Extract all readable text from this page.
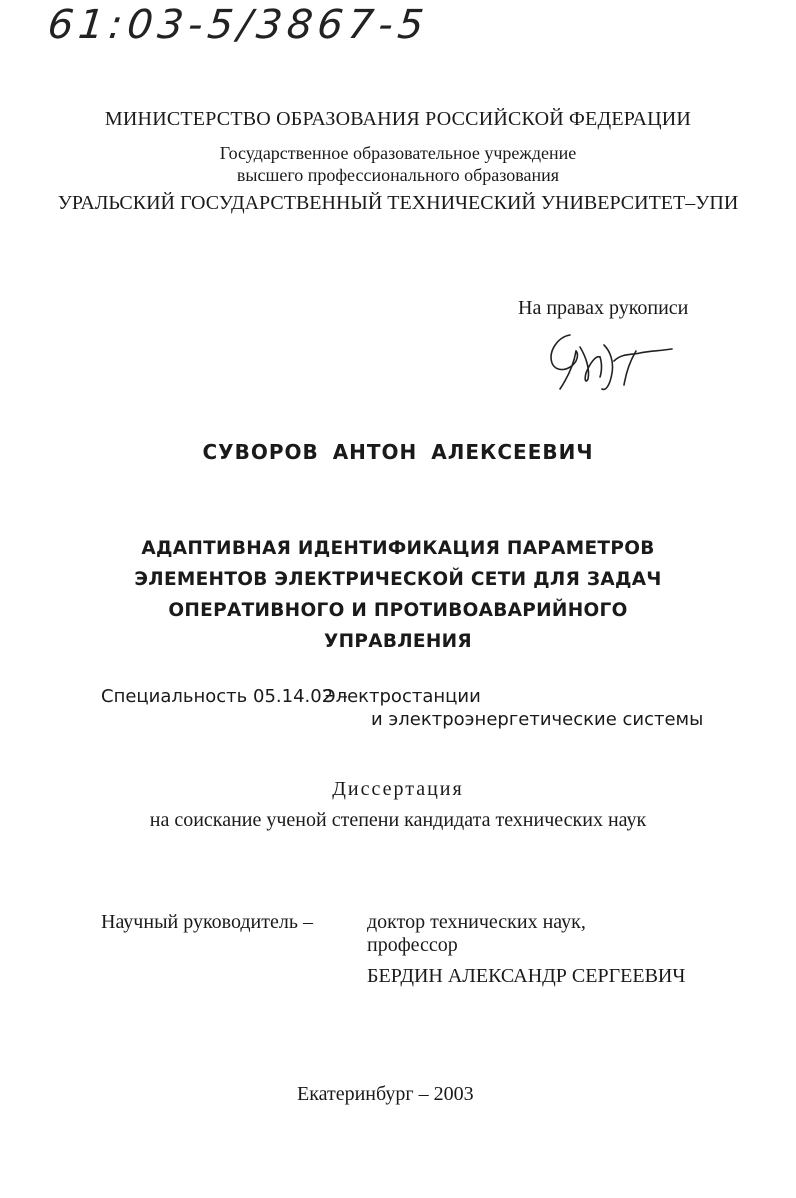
61:03-5/3867-5
МИНИСТЕРСТВО ОБРАЗОВАНИЯ РОССИЙСКОЙ ФЕДЕРАЦИИ
Государственное образовательное учреждение
высшего профессионального образования
УРАЛЬСКИЙ ГОСУДАРСТВЕННЫЙ ТЕХНИЧЕСКИЙ УНИВЕРСИТЕТ–УПИ
На правах рукописи
СУВОРОВ АНТОН АЛЕКСЕЕВИЧ
АДАПТИВНАЯ ИДЕНТИФИКАЦИЯ ПАРАМЕТРОВ
ЭЛЕМЕНТОВ ЭЛЕКТРИЧЕСКОЙ СЕТИ ДЛЯ ЗАДАЧ
ОПЕРАТИВНОГО И ПРОТИВОАВАРИЙНОГО
УПРАВЛЕНИЯ
Специальность 05.14.02 –
Электростанции
и электроэнергетические системы
Диссертация
на соискание ученой степени кандидата технических наук
Научный руководитель –	доктор технических наук,
профессор
БЕРДИН АЛЕКСАНДР СЕРГЕЕВИЧ
Екатеринбург – 2003
